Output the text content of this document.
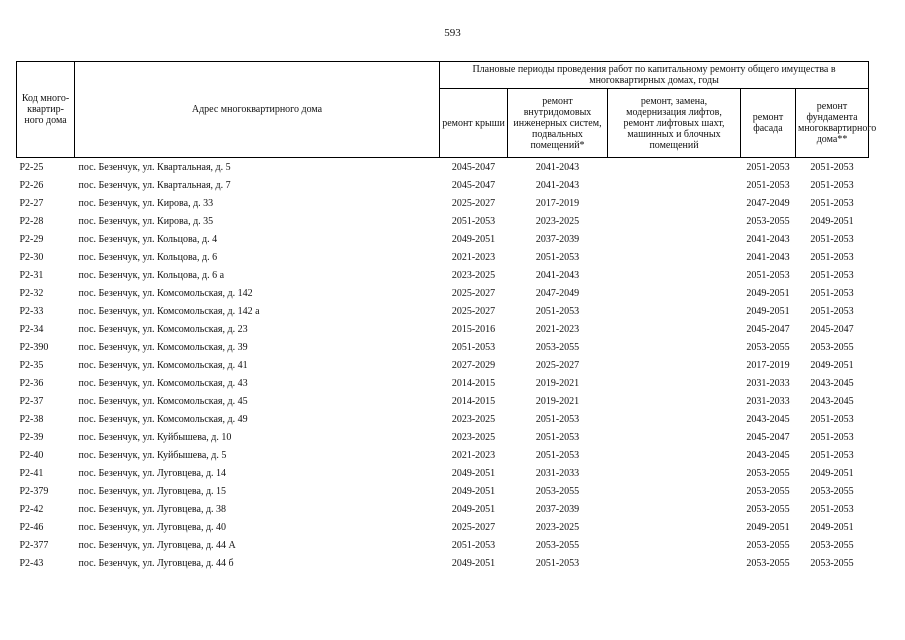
593
Код много-квартир-ного дома	Адрес многоквартирного дома	Плановые периоды проведения работ по капитальному ремонту общего имущества в многоквартирных домах, годы				
		ремонт крыши	ремонт внутридомовых инженерных систем, подвальных помещений*	ремонт, замена, модернизация лифтов, ремонт лифтовых шахт, машинных и блочных помещений	ремонт фасада	ремонт фундамента многоквартирного дома**
Р2-25	пос. Безенчук, ул. Квартальная, д. 5	2045-2047	2041-2043		2051-2053	2051-2053
Р2-26	пос. Безенчук, ул. Квартальная, д. 7	2045-2047	2041-2043		2051-2053	2051-2053
Р2-27	пос. Безенчук, ул. Кирова, д. 33	2025-2027	2017-2019		2047-2049	2051-2053
Р2-28	пос. Безенчук, ул. Кирова, д. 35	2051-2053	2023-2025		2053-2055	2049-2051
Р2-29	пос. Безенчук, ул. Кольцова, д. 4	2049-2051	2037-2039		2041-2043	2051-2053
Р2-30	пос. Безенчук, ул. Кольцова, д. 6	2021-2023	2051-2053		2041-2043	2051-2053
Р2-31	пос. Безенчук, ул. Кольцова, д. 6 а	2023-2025	2041-2043		2051-2053	2051-2053
Р2-32	пос. Безенчук, ул. Комсомольская, д. 142	2025-2027	2047-2049		2049-2051	2051-2053
Р2-33	пос. Безенчук, ул. Комсомольская, д. 142 а	2025-2027	2051-2053		2049-2051	2051-2053
Р2-34	пос. Безенчук, ул. Комсомольская, д. 23	2015-2016	2021-2023		2045-2047	2045-2047
Р2-390	пос. Безенчук, ул. Комсомольская, д. 39	2051-2053	2053-2055		2053-2055	2053-2055
Р2-35	пос. Безенчук, ул. Комсомольская, д. 41	2027-2029	2025-2027		2017-2019	2049-2051
Р2-36	пос. Безенчук, ул. Комсомольская, д. 43	2014-2015	2019-2021		2031-2033	2043-2045
Р2-37	пос. Безенчук, ул. Комсомольская, д. 45	2014-2015	2019-2021		2031-2033	2043-2045
Р2-38	пос. Безенчук, ул. Комсомольская, д. 49	2023-2025	2051-2053		2043-2045	2051-2053
Р2-39	пос. Безенчук, ул. Куйбышева, д. 10	2023-2025	2051-2053		2045-2047	2051-2053
Р2-40	пос. Безенчук, ул. Куйбышева, д. 5	2021-2023	2051-2053		2043-2045	2051-2053
Р2-41	пос. Безенчук, ул. Луговцева, д. 14	2049-2051	2031-2033		2053-2055	2049-2051
Р2-379	пос. Безенчук, ул. Луговцева, д. 15	2049-2051	2053-2055		2053-2055	2053-2055
Р2-42	пос. Безенчук, ул. Луговцева, д. 38	2049-2051	2037-2039		2053-2055	2051-2053
Р2-46	пос. Безенчук, ул. Луговцева, д. 40	2025-2027	2023-2025		2049-2051	2049-2051
Р2-377	пос. Безенчук, ул. Луговцева, д. 44 А	2051-2053	2053-2055		2053-2055	2053-2055
Р2-43	пос. Безенчук, ул. Луговцева, д. 44 б	2049-2051	2051-2053		2053-2055	2053-2055
